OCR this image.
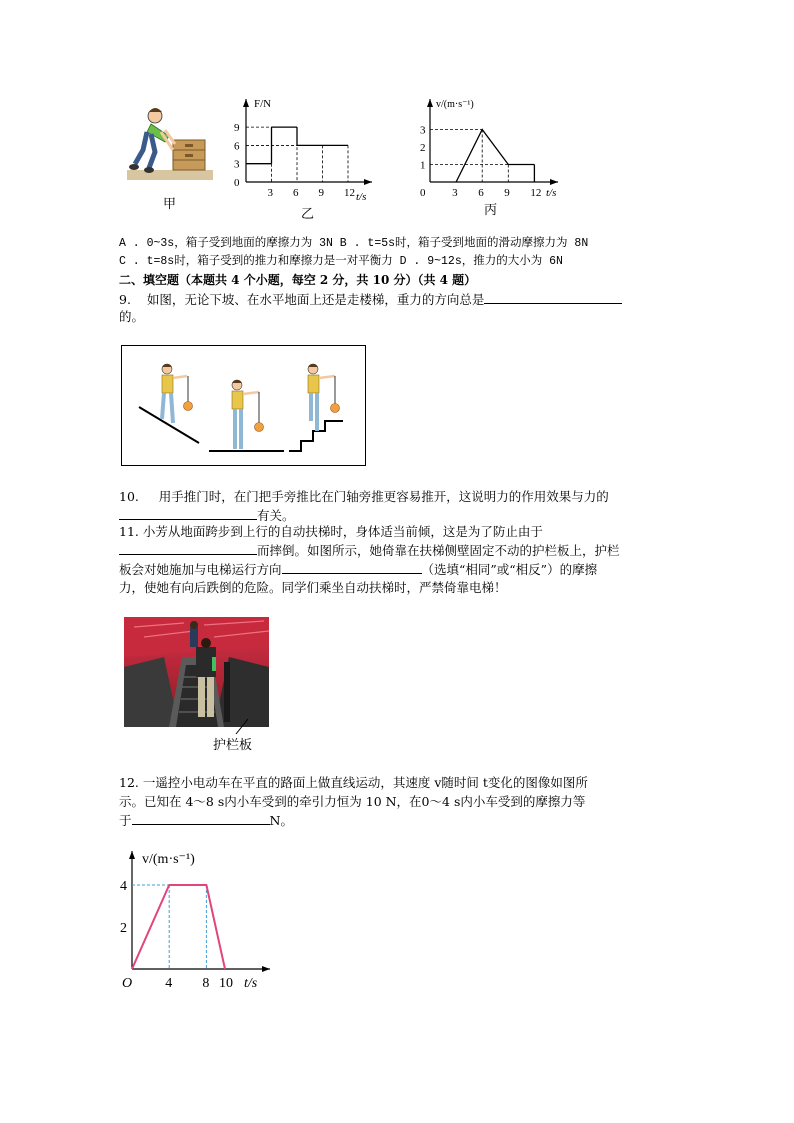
甲
F/N
t/s
9
6
3
0
3 6 9 12
乙
v/(m·s⁻¹)
t/s
3
2
1
0 3 6 9 12
丙
A . 0~3s，箱子受到地面的摩擦力为 3N B . t=5s时，箱子受到地面的滑动摩擦力为 8N
C . t=8s时，箱子受到的推力和摩擦力是一对平衡力 D . 9~12s，推力的大小为 6N
二、填空题（本题共 4 个小题，每空 2 分，共 10 分）（共 4 题）
9. 如图，无论下坡、在水平地面上还是走楼梯，重力的方向总是
的。
10. 用手推门时，在门把手旁推比在门轴旁推更容易推开，这说明力的作用效果与力的
有关。
11. 小芳从地面跨步到上行的自动扶梯时，身体适当前倾，这是为了防止由于
而摔倒。如图所示，她倚靠在扶梯侧壁固定不动的护栏板上，护栏
板会对她施加与电梯运行方向	（选填“相同”或“相反”）的摩擦
力，使她有向后跌倒的危险。同学们乘坐自动扶梯时，严禁倚靠电梯！
护栏板
12. 一遥控小电动车在平直的路面上做直线运动，其速度 v随时间 t变化的图像如图所
示。已知在 4～8 s内小车受到的牵引力恒为 10 N，在0～4 s内小车受到的摩擦力等
于	N。
v/(m·s⁻¹)
t/s
4
2
O 4 8 10
